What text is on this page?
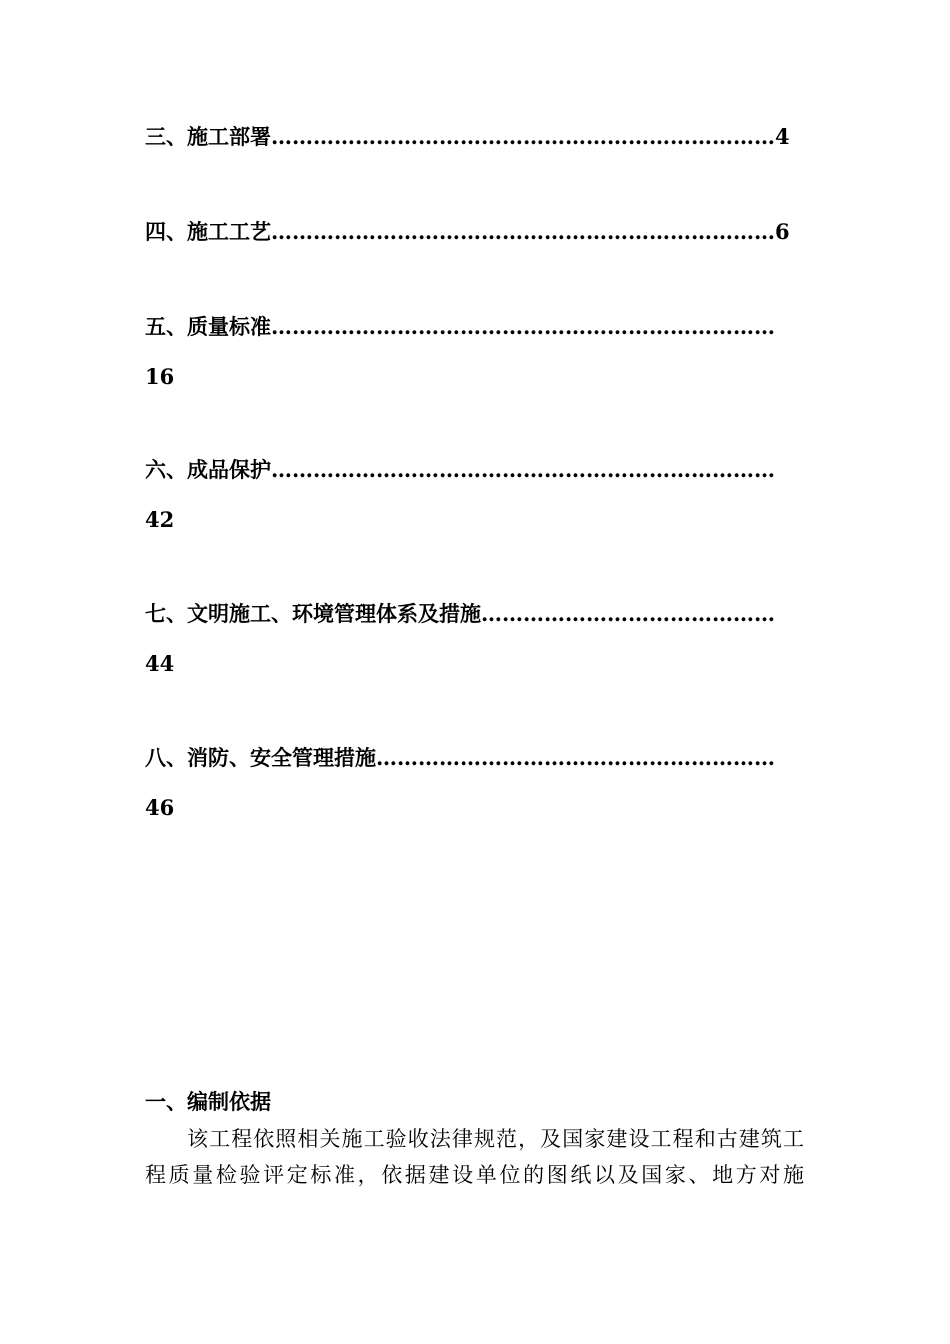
三、施工部署………………………………………………………………4
四、施工工艺………………………………………………………………6
五、质量标准………………………………………………………………
16
六、成品保护………………………………………………………………
42
七、文明施工、环境管理体系及措施……………………………………
44
八、消防、安全管理措施…………………………………………………
46
一、编制依据

该工程依照相关施工验收法律规范，及国家建设工程和古建筑工程质量检验评定标准，依据建设单位的图纸以及国家、地方对施
